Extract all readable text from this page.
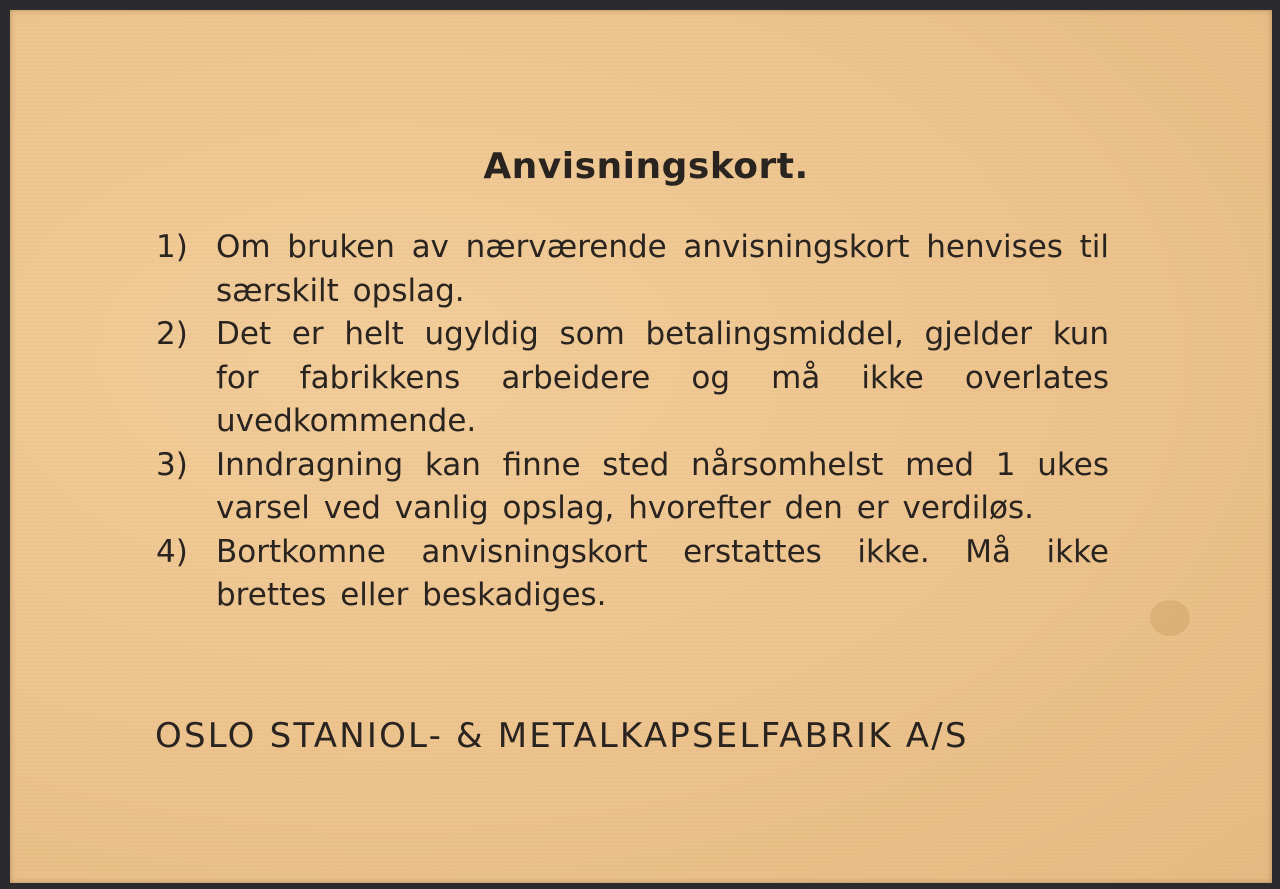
Anvisningskort.
1) Om bruken av nærværende anvisningskort henvises til særskilt opslag.
2) Det er helt ugyldig som betalingsmiddel, gjelder kun for fabrikkens arbeidere og må ikke overlates uvedkommende.
3) Inndragning kan finne sted nårsomhelst med 1 ukes varsel ved vanlig opslag, hvorefter den er verdiløs.
4) Bortkomne anvisningskort erstattes ikke. Må ikke brettes eller beskadiges.
OSLO STANIOL- & METALKAPSELFABRIK A/S
